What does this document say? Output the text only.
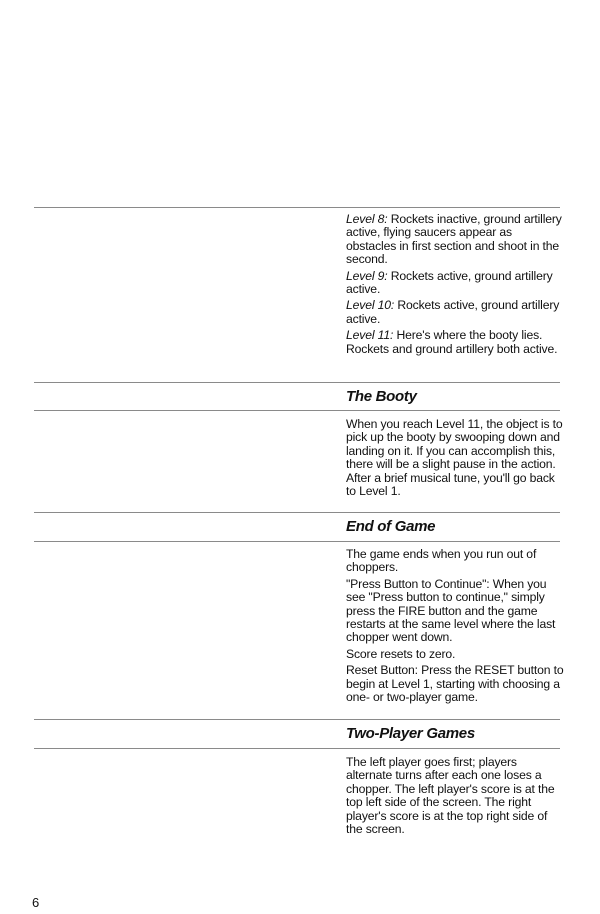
Level 8: Rockets inactive, ground artillery active, flying saucers appear as obstacles in first section and shoot in the second.

Level 9: Rockets active, ground artillery active.

Level 10: Rockets active, ground artillery active.

Level 11: Here's where the booty lies. Rockets and ground artillery both active.

The Booty

When you reach Level 11, the object is to pick up the booty by swooping down and landing on it. If you can accomplish this, there will be a slight pause in the action. After a brief musical tune, you'll go back to Level 1.

End of Game

The game ends when you run out of choppers.

"Press Button to Continue": When you see "Press button to continue," simply press the FIRE button and the game restarts at the same level where the last chopper went down.

Score resets to zero.

Reset Button: Press the RESET button to begin at Level 1, starting with choosing a one- or two-player game.

Two-Player Games

The left player goes first; players alternate turns after each one loses a chopper. The left player's score is at the top left side of the screen. The right player's score is at the top right side of the screen.

6
